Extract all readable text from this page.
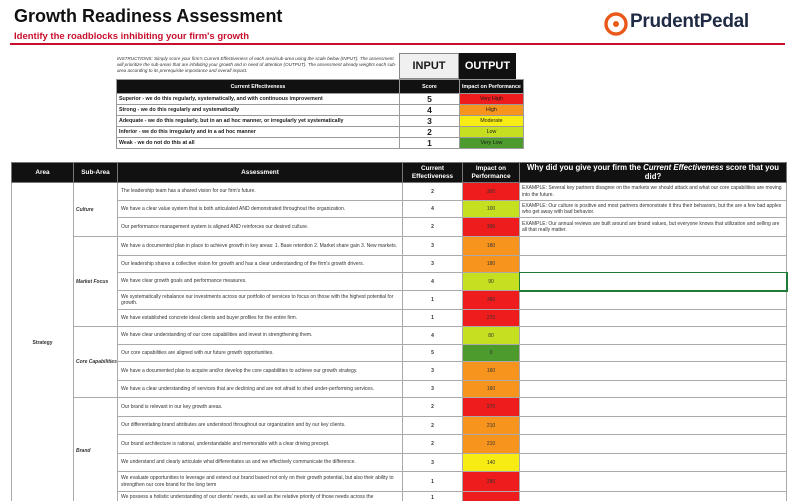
Growth Readiness Assessment
Identify the roadblocks inhibiting your firm's growth
PrudentPedal
INSTRUCTIONS: Simply score your firm's Current Effectiveness of each area/sub-area using the scale below (INPUT). The assessment will prioritize the sub-areas that are inhibiting your growth and in need of attention (OUTPUT). The assessment already weights each sub-area according to its prerequisite importance and overall impact.	INPUT	OUTPUT
Current Effectiveness	Score	Impact on Performance
Superior - we do this regularly, systematically, and with continuous improvement	5	Very High
Strong - we do this regularly and systematically	4	High
Adequate - we do this regularly, but in an ad hoc manner, or irregularly yet systematically	3	Moderate
Inferior - we do this irregularly and in a ad hoc manner	2	Low
Weak - we do not do this at all	1	Very Low
Area	Sub-Area	Assessment	Current Effectiveness	Impact on Performance	Why did you give your firm the Current Effectiveness score that you did?
Strategy	Culture	The leadership team has a shared vision for our firm's future.	2	300	EXAMPLE: Several key partners disagree on the markets we should attack and what our core capabilities are moving into the future.
		We have a clear value system that is both articulated AND demonstrated throughout the organization.	4	100	EXAMPLE: Our culture is positive and most partners demonstrate it thru their behaviors, but the are a few bad apples who get away with bad behavior.
		Our performance management system is aligned AND reinforces our desired culture.	2	300	EXAMPLE: Our annual reviews are built around are brand values, but everyone knows that utilization and selling are all that really matter.
	Market Focus	We have a documented plan in place to achieve growth in key areas: 1. Base retention 2. Market share gain 3. New markets.	3	180	
		Our leadership shares a collective vision for growth and has a clear understanding of the firm's growth drivers.	3	180	
		We have clear growth goals and performance measures.	4	90	
		We systematically rebalance our investments across our portfolio of services to focus on those with the highest potential for growth.	1	360	
		We have established concrete ideal clients and buyer profiles for the entire firm.	1	270	
	Core Capabilities	We have clear understanding of our core capabilities and invest in strengthening them.	4	80	
		Our core capabilities are aligned with our future growth opportunities.	5	0	
		We have a documented plan to acquire and/or develop the core capabilities to achieve our growth strategy.	3	160	
		We have a clear understanding of services that are declining and are not afraid to shed under-performing services.	3	160	
	Brand	Our brand is relevant in our key growth areas.	2	270	
		Our differentiating brand attributes are understood throughout our organization and by our key clients.	2	210	
		Our brand architecture is rational, understandable and memorable with a clear driving precept.	2	210	
		We understand and clearly articulate what differentiates us and we effectively communicate the difference.	3	140	
		We evaluate opportunities to leverage and extend our brand based not only on their growth potential, but also their ability to strengthen our core brand for the long term	1	280	
		We possess a holistic understanding of our clients' needs, as well as the relative priority of those needs across the	1		
